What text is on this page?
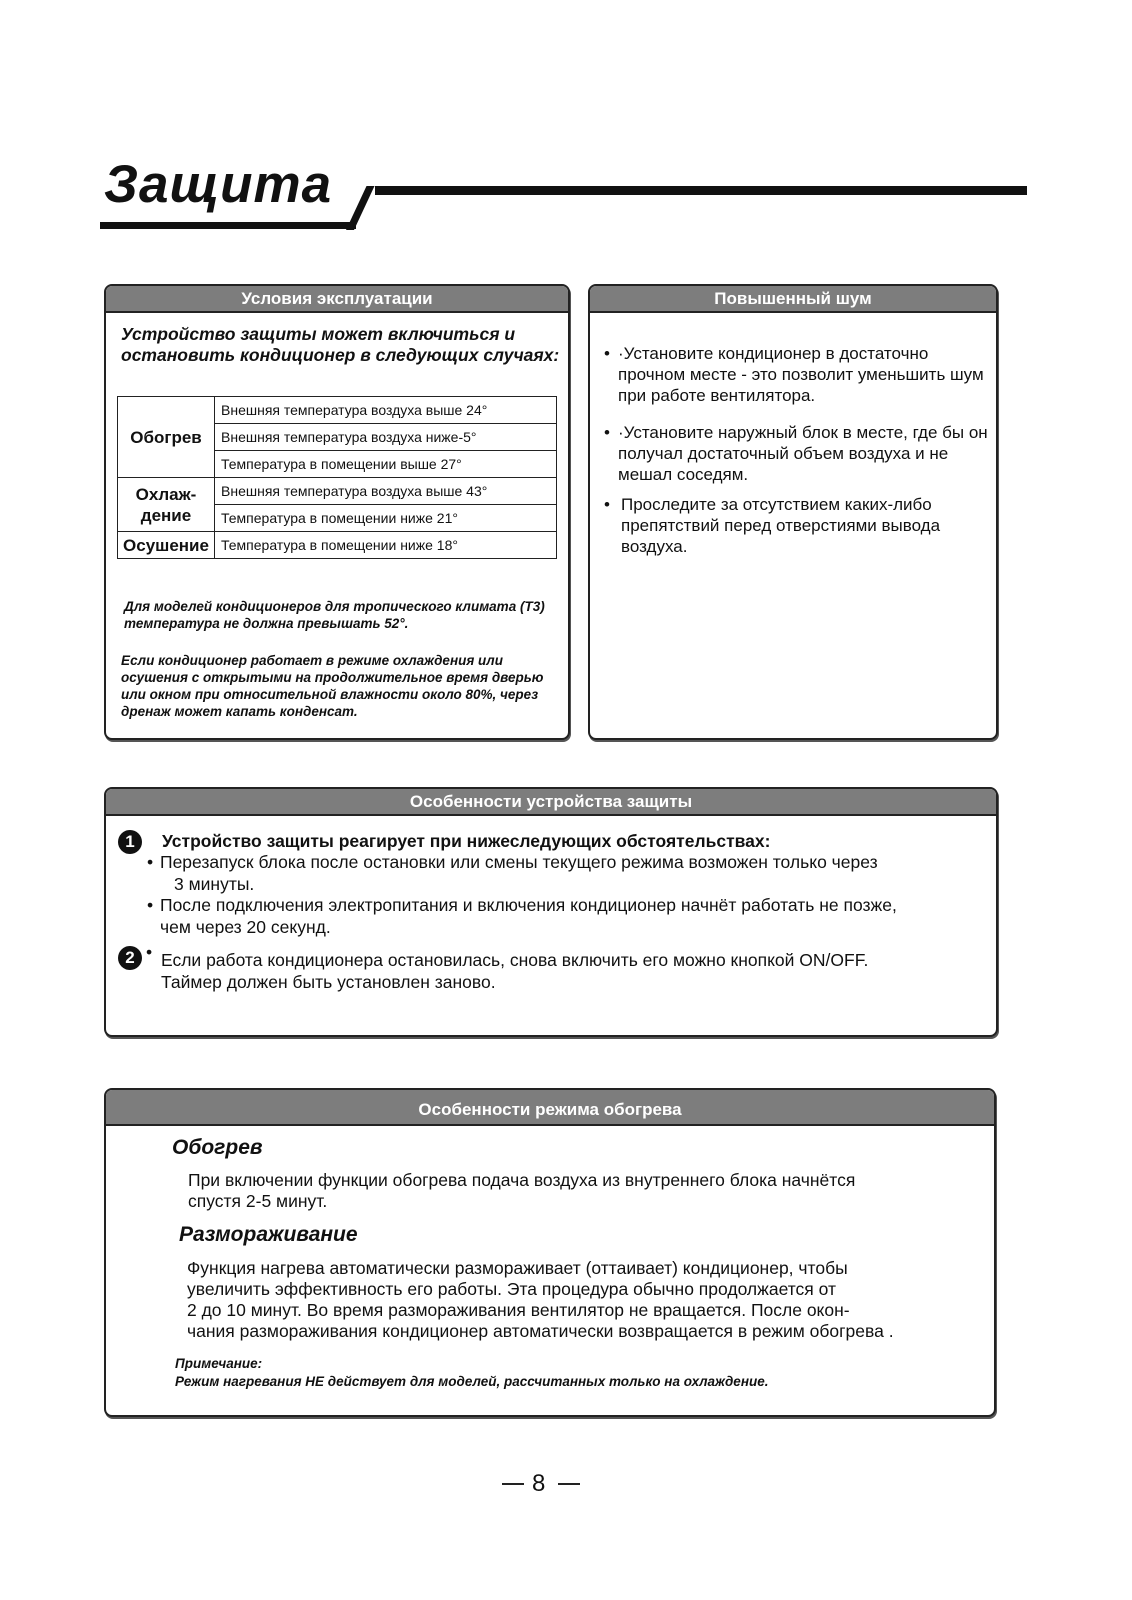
Защита
Условия эксплуатации
Устройство защиты может включиться и остановить кондиционер в следующих случаях:
Обогрев	Внешняя температура воздуха выше 24°
	Внешняя температура воздуха ниже-5°
	Температура в помещении выше 27°
Охлаж-
дение	Внешняя температура воздуха выше 43°
	Температура в помещении ниже 21°
Осушение	Температура в помещении ниже 18°
Для моделей кондиционеров для тропического климата (T3) температура не должна превышать 52°.
Если кондиционер работает в режиме охлаждения или осушения с открытыми на продолжительное время дверью или окном при относительной влажности около 80%, через дренаж может капать конденсат.
Повышенный шум
• ·Установите кондиционер в достаточно прочном месте - это позволит уменьшить шум при работе вентилятора.
• ·Установите наружный блок в месте, где бы он получал достаточный объем воздуха и не мешал соседям.
• Проследите за отсутствием каких-либо препятствий перед отверстиями вывода воздуха.
Особенности устройства защиты
1	Устройство защиты реагирует при нижеследующих обстоятельствах:
• Перезапуск блока после остановки или смены текущего режима возможен только через
3 минуты.
• После подключения электропитания и включения кондиционер начнёт работать не позже,
чем через 20 секунд.
2 • Если работа кондиционера остановилась, снова включить его можно кнопкой ON/OFF.
Таймер должен быть установлен заново.
Особенности режима обогрева
Обогрев
При включении функции обогрева подача воздуха из внутреннего блока начнётся
спустя 2-5 минут.
Размораживание
Функция нагрева автоматически размораживает (оттаивает) кондиционер, чтобы
увеличить эффективность его работы. Эта процедура обычно продолжается от
2 до 10 минут. Во время размораживания вентилятор не вращается. После окон-
чания размораживания кондиционер автоматически возвращается в режим обогрева .
Примечание:
Режим нагревания НЕ действует для моделей, рассчитанных только на охлаждение.
8
